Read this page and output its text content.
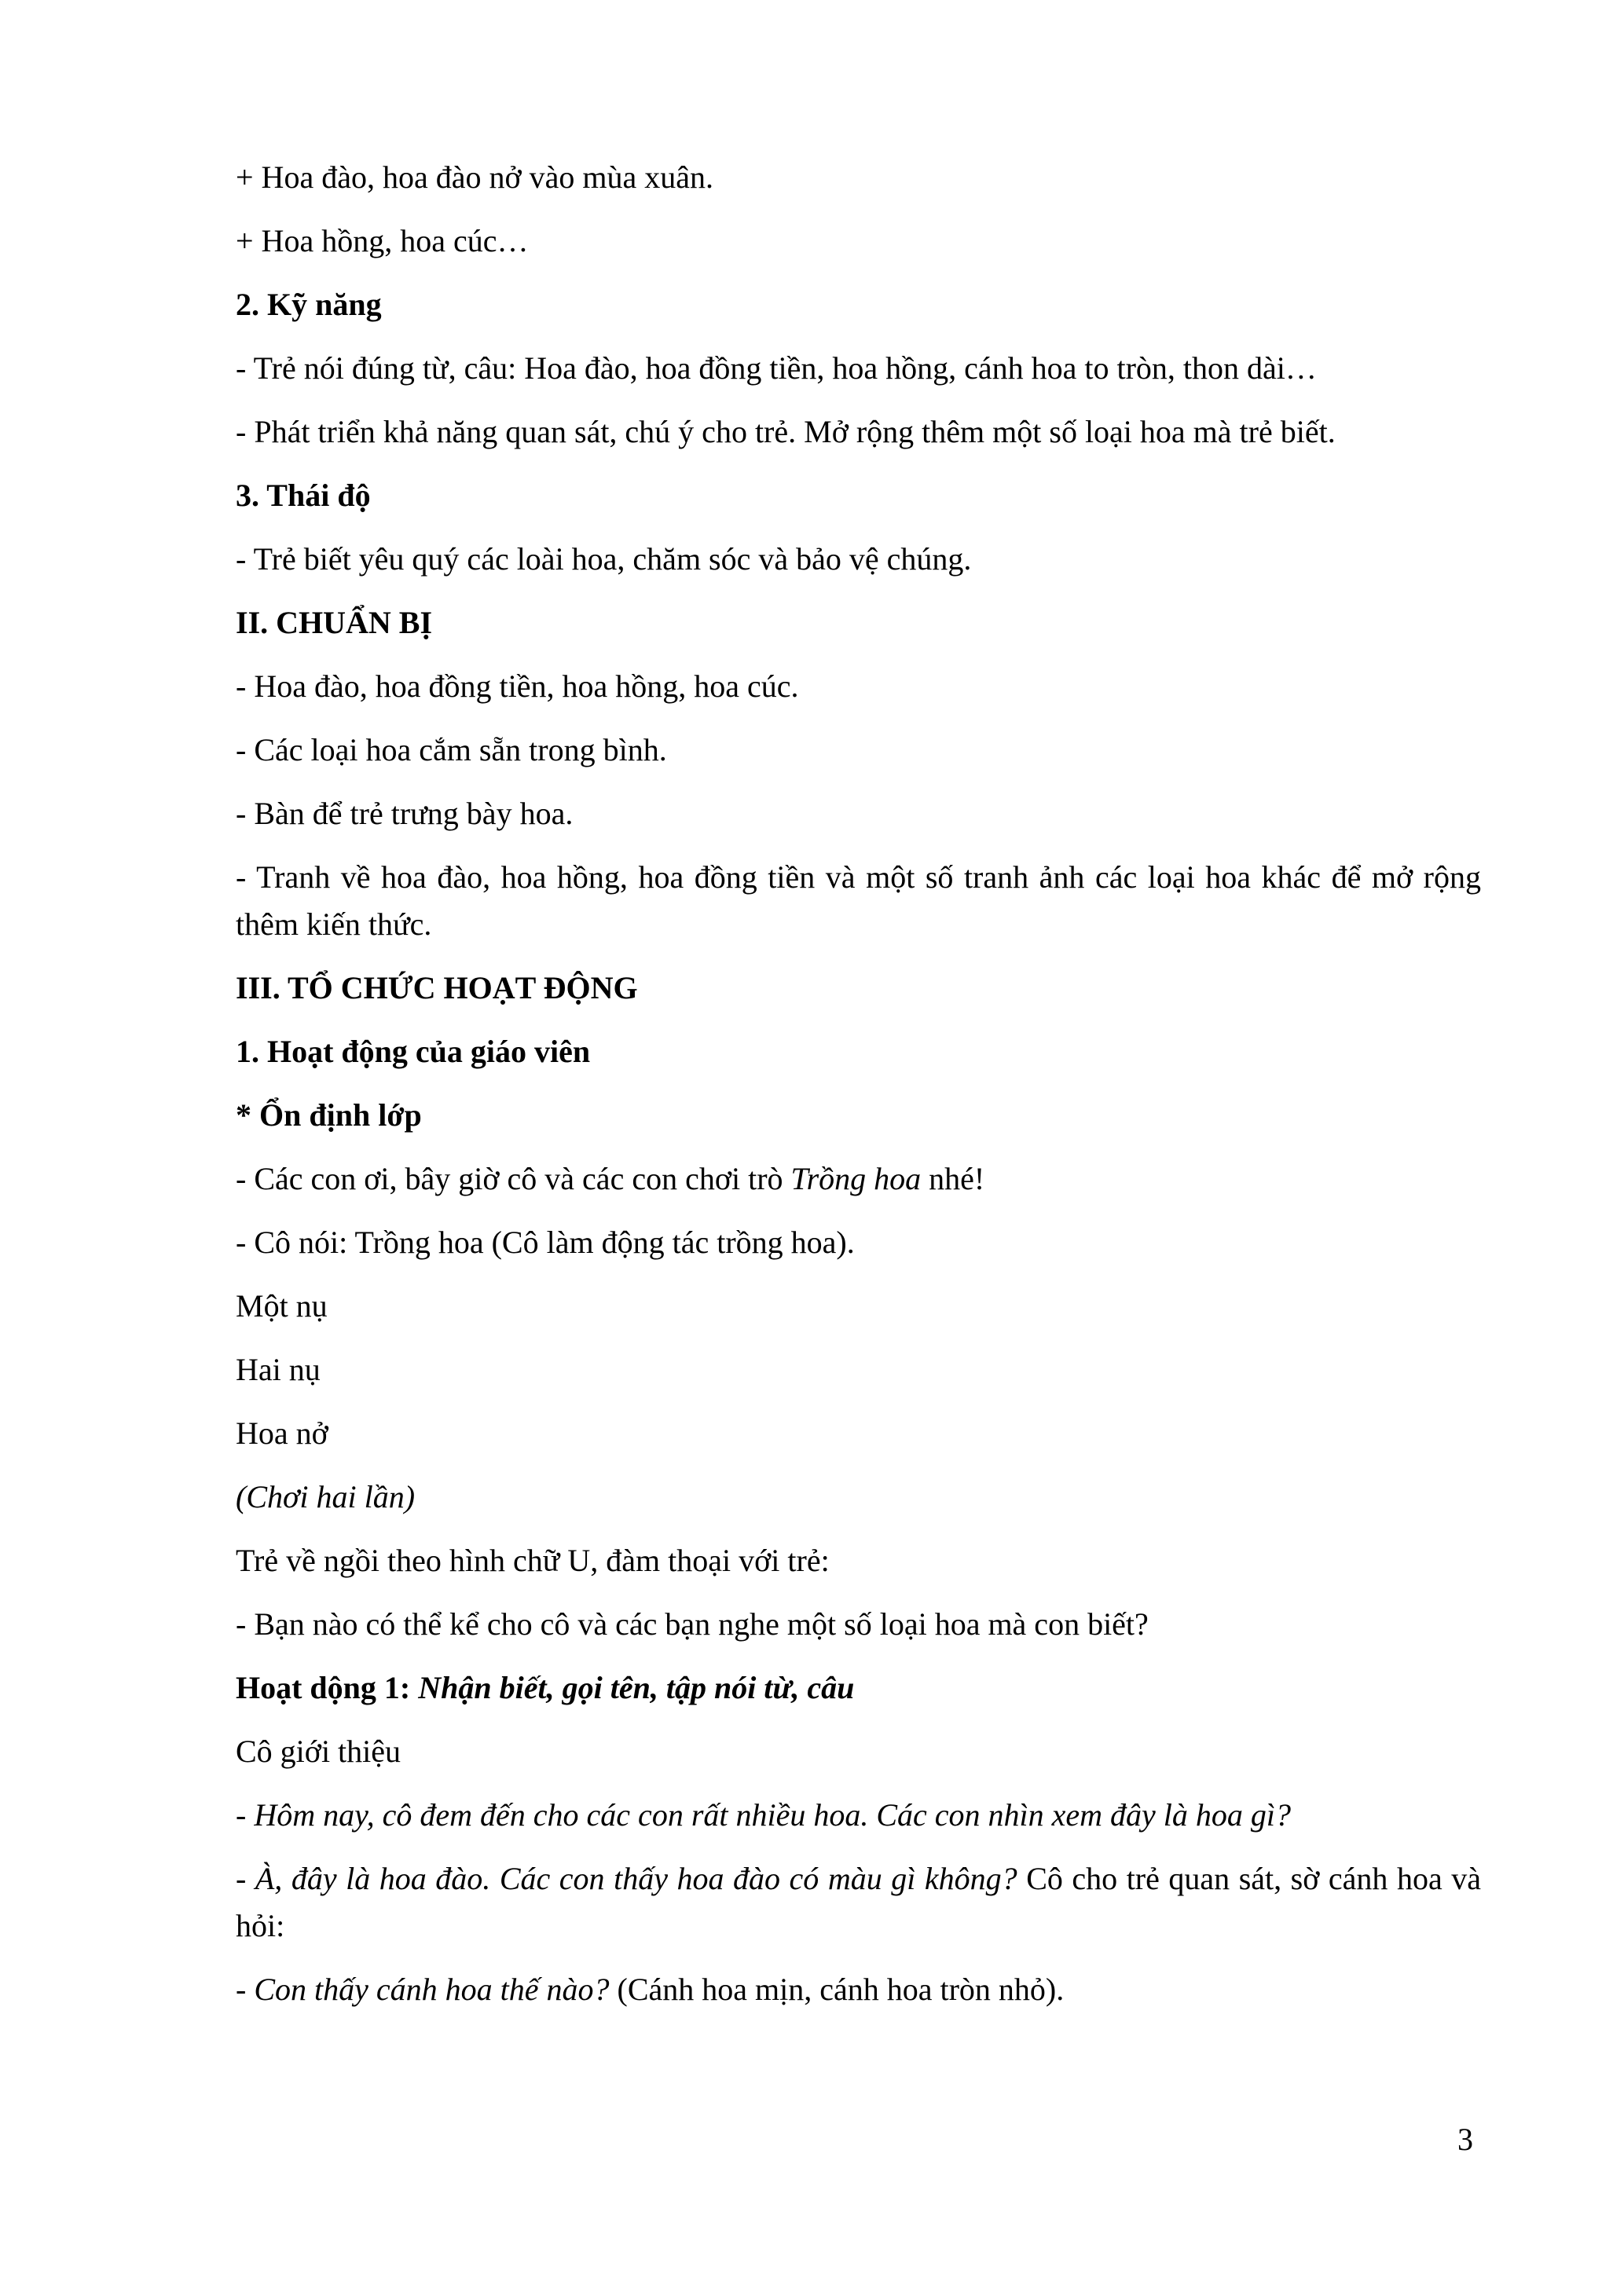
+ Hoa đào, hoa đào nở vào mùa xuân.

+ Hoa hồng, hoa cúc…

2. Kỹ năng

- Trẻ nói đúng từ, câu: Hoa đào, hoa đồng tiền, hoa hồng, cánh hoa to tròn, thon dài…

- Phát triển khả năng quan sát, chú ý cho trẻ. Mở rộng thêm một số loại hoa mà trẻ biết.

3. Thái độ

- Trẻ biết yêu quý các loài hoa, chăm sóc và bảo vệ chúng.

II. CHUẨN BỊ

- Hoa đào, hoa đồng tiền, hoa hồng, hoa cúc.

- Các loại hoa cắm sẵn trong bình.

- Bàn để trẻ trưng bày hoa.

- Tranh về hoa đào, hoa hồng, hoa đồng tiền và một số tranh ảnh các loại hoa khác để mở rộng thêm kiến thức.

III. TỔ CHỨC HOẠT ĐỘNG

1. Hoạt động của giáo viên

* Ổn định lớp

- Các con ơi, bây giờ cô và các con chơi trò Trồng hoa nhé!

- Cô nói: Trồng hoa (Cô làm động tác trồng hoa).

Một nụ

Hai nụ

Hoa nở

(Chơi hai lần)

Trẻ về ngồi theo hình chữ U, đàm thoại với trẻ:

- Bạn nào có thể kể cho cô và các bạn nghe một số loại hoa mà con biết?

Hoạt dộng 1: Nhận biết, gọi tên, tập nói từ, câu

Cô giới thiệu

- Hôm nay, cô đem đến cho các con rất nhiều hoa. Các con nhìn xem đây là hoa gì?

- À, đây là hoa đào. Các con thấy hoa đào có màu gì không? Cô cho trẻ quan sát, sờ cánh hoa và hỏi:

- Con thấy cánh hoa thế nào? (Cánh hoa mịn, cánh hoa tròn nhỏ).

3
